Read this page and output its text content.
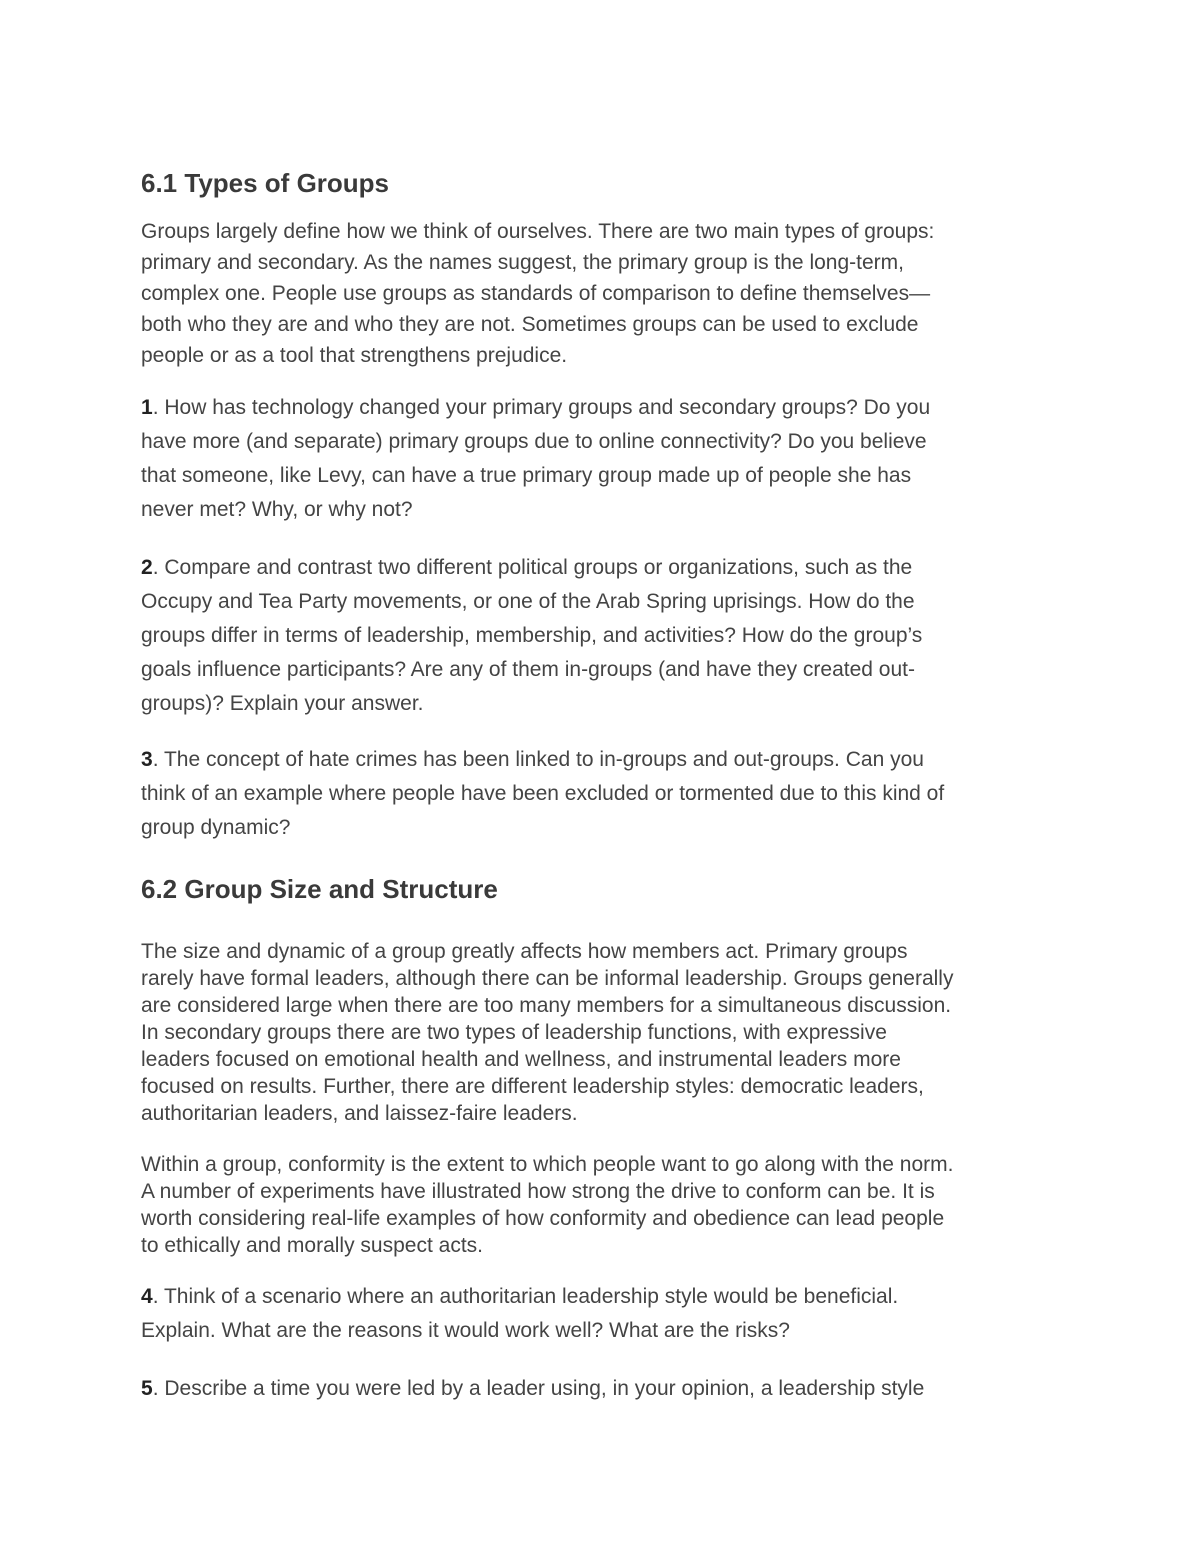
6.1 Types of Groups

Groups largely define how we think of ourselves. There are two main types of groups:
primary and secondary. As the names suggest, the primary group is the long-term,
complex one. People use groups as standards of comparison to define themselves—
both who they are and who they are not. Sometimes groups can be used to exclude
people or as a tool that strengthens prejudice.

1. How has technology changed your primary groups and secondary groups? Do you
have more (and separate) primary groups due to online connectivity? Do you believe
that someone, like Levy, can have a true primary group made up of people she has
never met? Why, or why not?

2. Compare and contrast two different political groups or organizations, such as the
Occupy and Tea Party movements, or one of the Arab Spring uprisings. How do the
groups differ in terms of leadership, membership, and activities? How do the group’s
goals influence participants? Are any of them in-groups (and have they created out-
groups)? Explain your answer.

3. The concept of hate crimes has been linked to in-groups and out-groups. Can you
think of an example where people have been excluded or tormented due to this kind of
group dynamic?

6.2 Group Size and Structure

The size and dynamic of a group greatly affects how members act. Primary groups
rarely have formal leaders, although there can be informal leadership. Groups generally
are considered large when there are too many members for a simultaneous discussion.
In secondary groups there are two types of leadership functions, with expressive
leaders focused on emotional health and wellness, and instrumental leaders more
focused on results. Further, there are different leadership styles: democratic leaders,
authoritarian leaders, and laissez-faire leaders.

Within a group, conformity is the extent to which people want to go along with the norm.
A number of experiments have illustrated how strong the drive to conform can be. It is
worth considering real-life examples of how conformity and obedience can lead people
to ethically and morally suspect acts.

4. Think of a scenario where an authoritarian leadership style would be beneficial.
Explain. What are the reasons it would work well? What are the risks?

5. Describe a time you were led by a leader using, in your opinion, a leadership style
